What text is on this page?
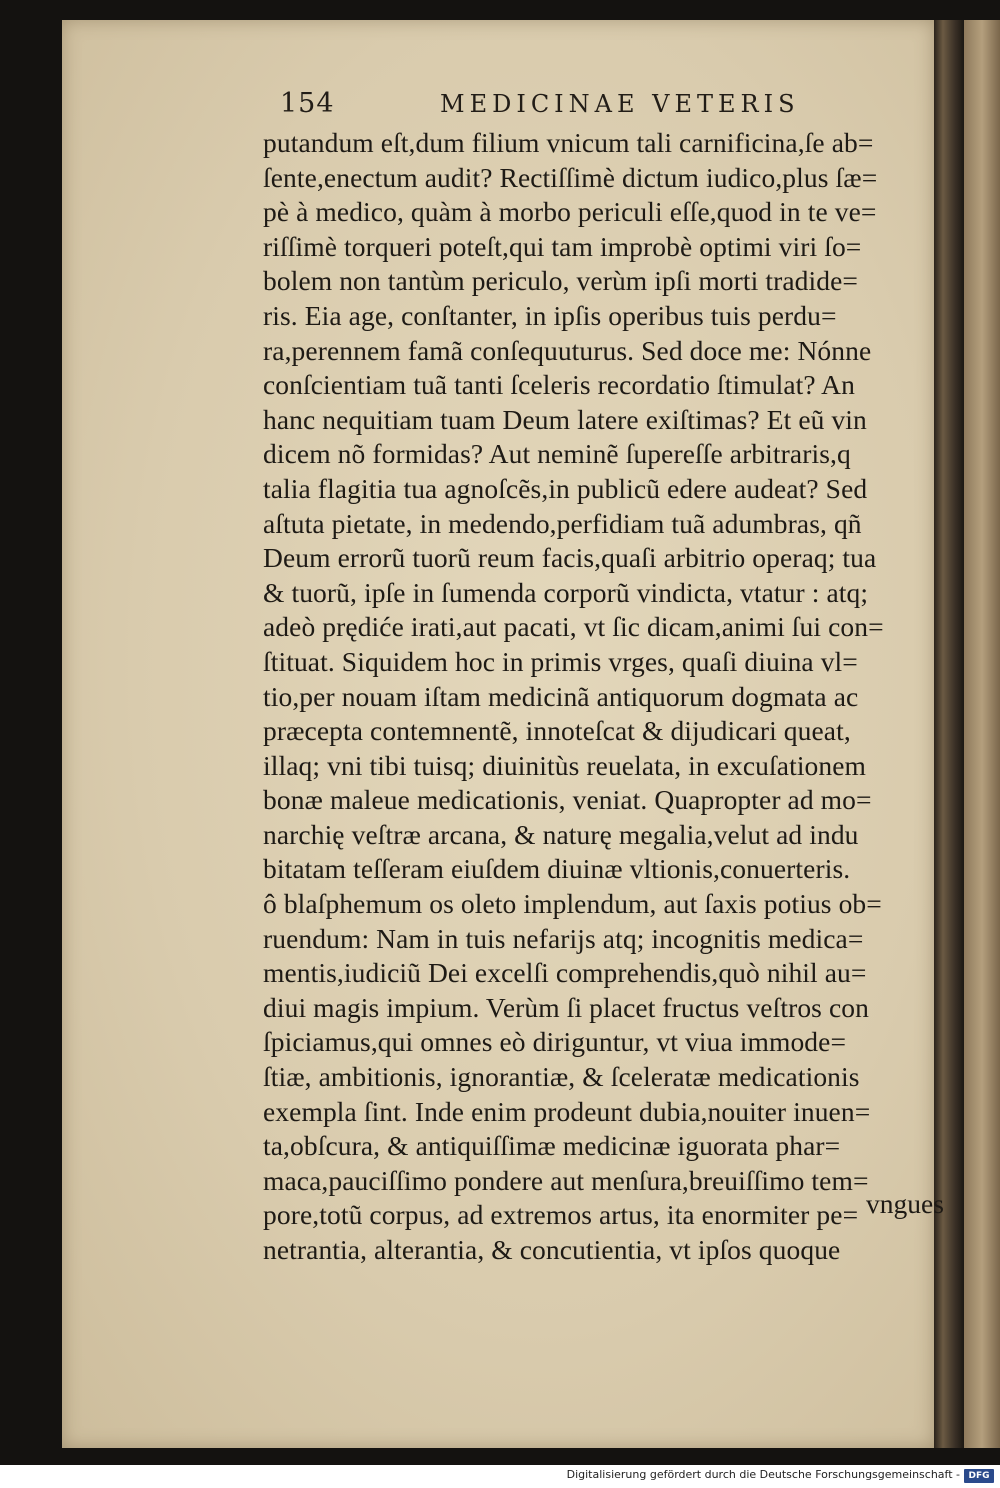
154	MEDICINAE VETERIS
putandum eſt,dum filium vnicum tali carnificina,ſe ab=
ſente,enectum audit? Rectiſſimè dictum iudico,plus ſæ=
pè à medico, quàm à morbo periculi eſſe,quod in te ve=
riſſimè torqueri poteſt,qui tam improbè optimi viri ſo=
bolem non tantùm periculo, verùm ipſi morti tradide=
ris. Eia age, conſtanter, in ipſis operibus tuis perdu=
ra,perennem famã conſequuturus. Sed doce me: Nónne
conſcientiam tuã tanti ſceleris recordatio ſtimulat? An
hanc nequitiam tuam Deum latere exiſtimas? Et eũ vin
dicem nõ formidas? Aut neminẽ ſupereſſe arbitraris,q
talia flagitia tua agnoſcẽs,in publicũ edere audeat? Sed
aſtuta pietate, in medendo,perfidiam tuã adumbras, qñ
Deum errorũ tuorũ reum facis,quaſi arbitrio operaq; tua
& tuorũ, ipſe in ſumenda corporũ vindicta, vtatur : atq;
adeò prędiće irati,aut pacati, vt ſic dicam,animi ſui con=
ſtituat. Siquidem hoc in primis vrges, quaſi diuina vl=
tio,per nouam iſtam medicinã antiquorum dogmata ac
præcepta contemnentẽ, innoteſcat & dijudicari queat,
illaq; vni tibi tuisq; diuinitùs reuelata, in excuſationem
bonæ maleue medicationis, veniat. Quapropter ad mo=
narchię veſtræ arcana, & naturę megalia,velut ad indu
bitatam teſſeram eiuſdem diuinæ vltionis,conuerteris.
ô blaſphemum os oleto implendum, aut ſaxis potius ob=
ruendum: Nam in tuis nefarijs atq; incognitis medica=
mentis,iudiciũ Dei excelſi comprehendis,quò nihil au=
diui magis impium. Verùm ſi placet fructus veſtros con
ſpiciamus,qui omnes eò diriguntur, vt viua immode=
ſtiæ, ambitionis, ignorantiæ, & ſceleratæ medicationis
exempla ſint. Inde enim prodeunt dubia,nouiter inuen=
ta,obſcura, & antiquiſſimæ medicinæ iguorata phar=
maca,pauciſſimo pondere aut menſura,breuiſſimo tem=
pore,totũ corpus, ad extremos artus, ita enormiter pe=
netrantia, alterantia, & concutientia, vt ipſos quoque
vngues
Digitalisierung gefördert durch die Deutsche Forschungsgemeinschaft - DFG
